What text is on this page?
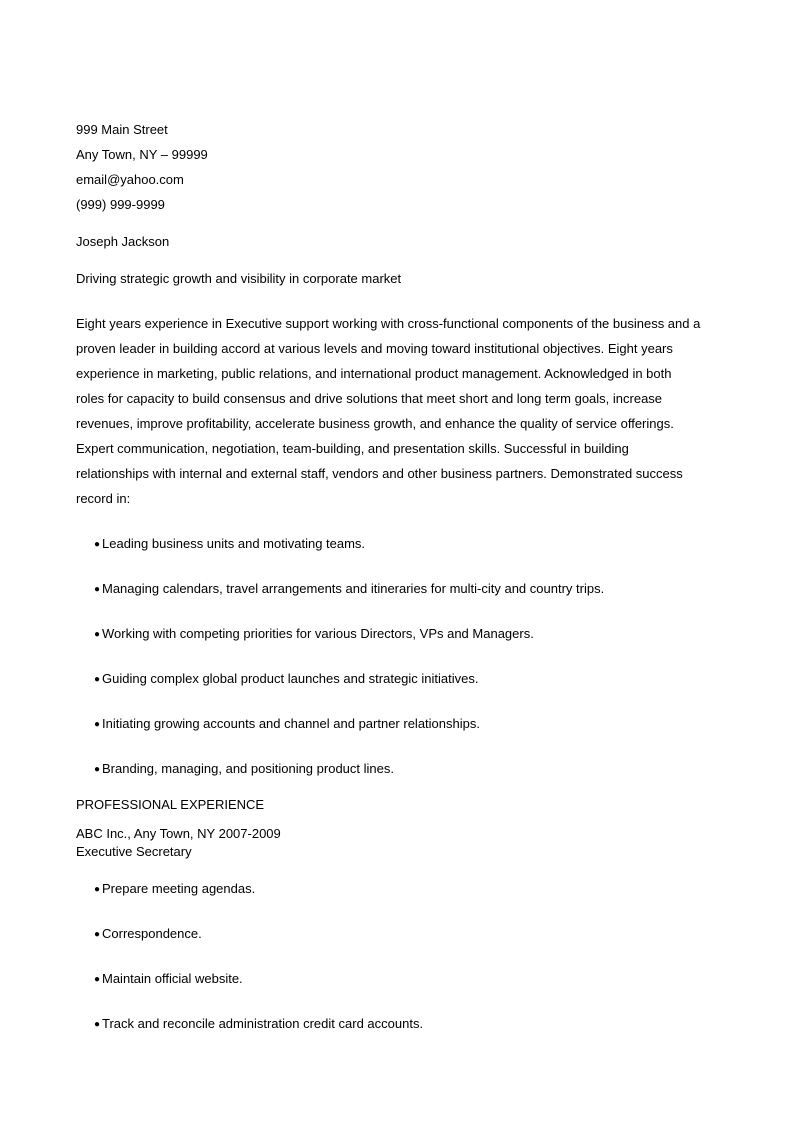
999 Main Street
Any Town, NY – 99999
email@yahoo.com
(999) 999-9999
Joseph Jackson
Driving strategic growth and visibility in corporate market
Eight years experience in Executive support working with cross-functional components of the business and a
proven leader in building accord at various levels and moving toward institutional objectives. Eight years
experience in marketing, public relations, and international product management. Acknowledged in both
roles for capacity to build consensus and drive solutions that meet short and long term goals, increase
revenues, improve profitability, accelerate business growth, and enhance the quality of service offerings.
Expert communication, negotiation, team-building, and presentation skills. Successful in building
relationships with internal and external staff, vendors and other business partners. Demonstrated success
record in:
● Leading business units and motivating teams.
● Managing calendars, travel arrangements and itineraries for multi-city and country trips.
● Working with competing priorities for various Directors, VPs and Managers.
● Guiding complex global product launches and strategic initiatives.
● Initiating growing accounts and channel and partner relationships.
● Branding, managing, and positioning product lines.
PROFESSIONAL EXPERIENCE
ABC Inc., Any Town, NY 2007-2009
Executive Secretary
● Prepare meeting agendas.
● Correspondence.
● Maintain official website.
● Track and reconcile administration credit card accounts.
